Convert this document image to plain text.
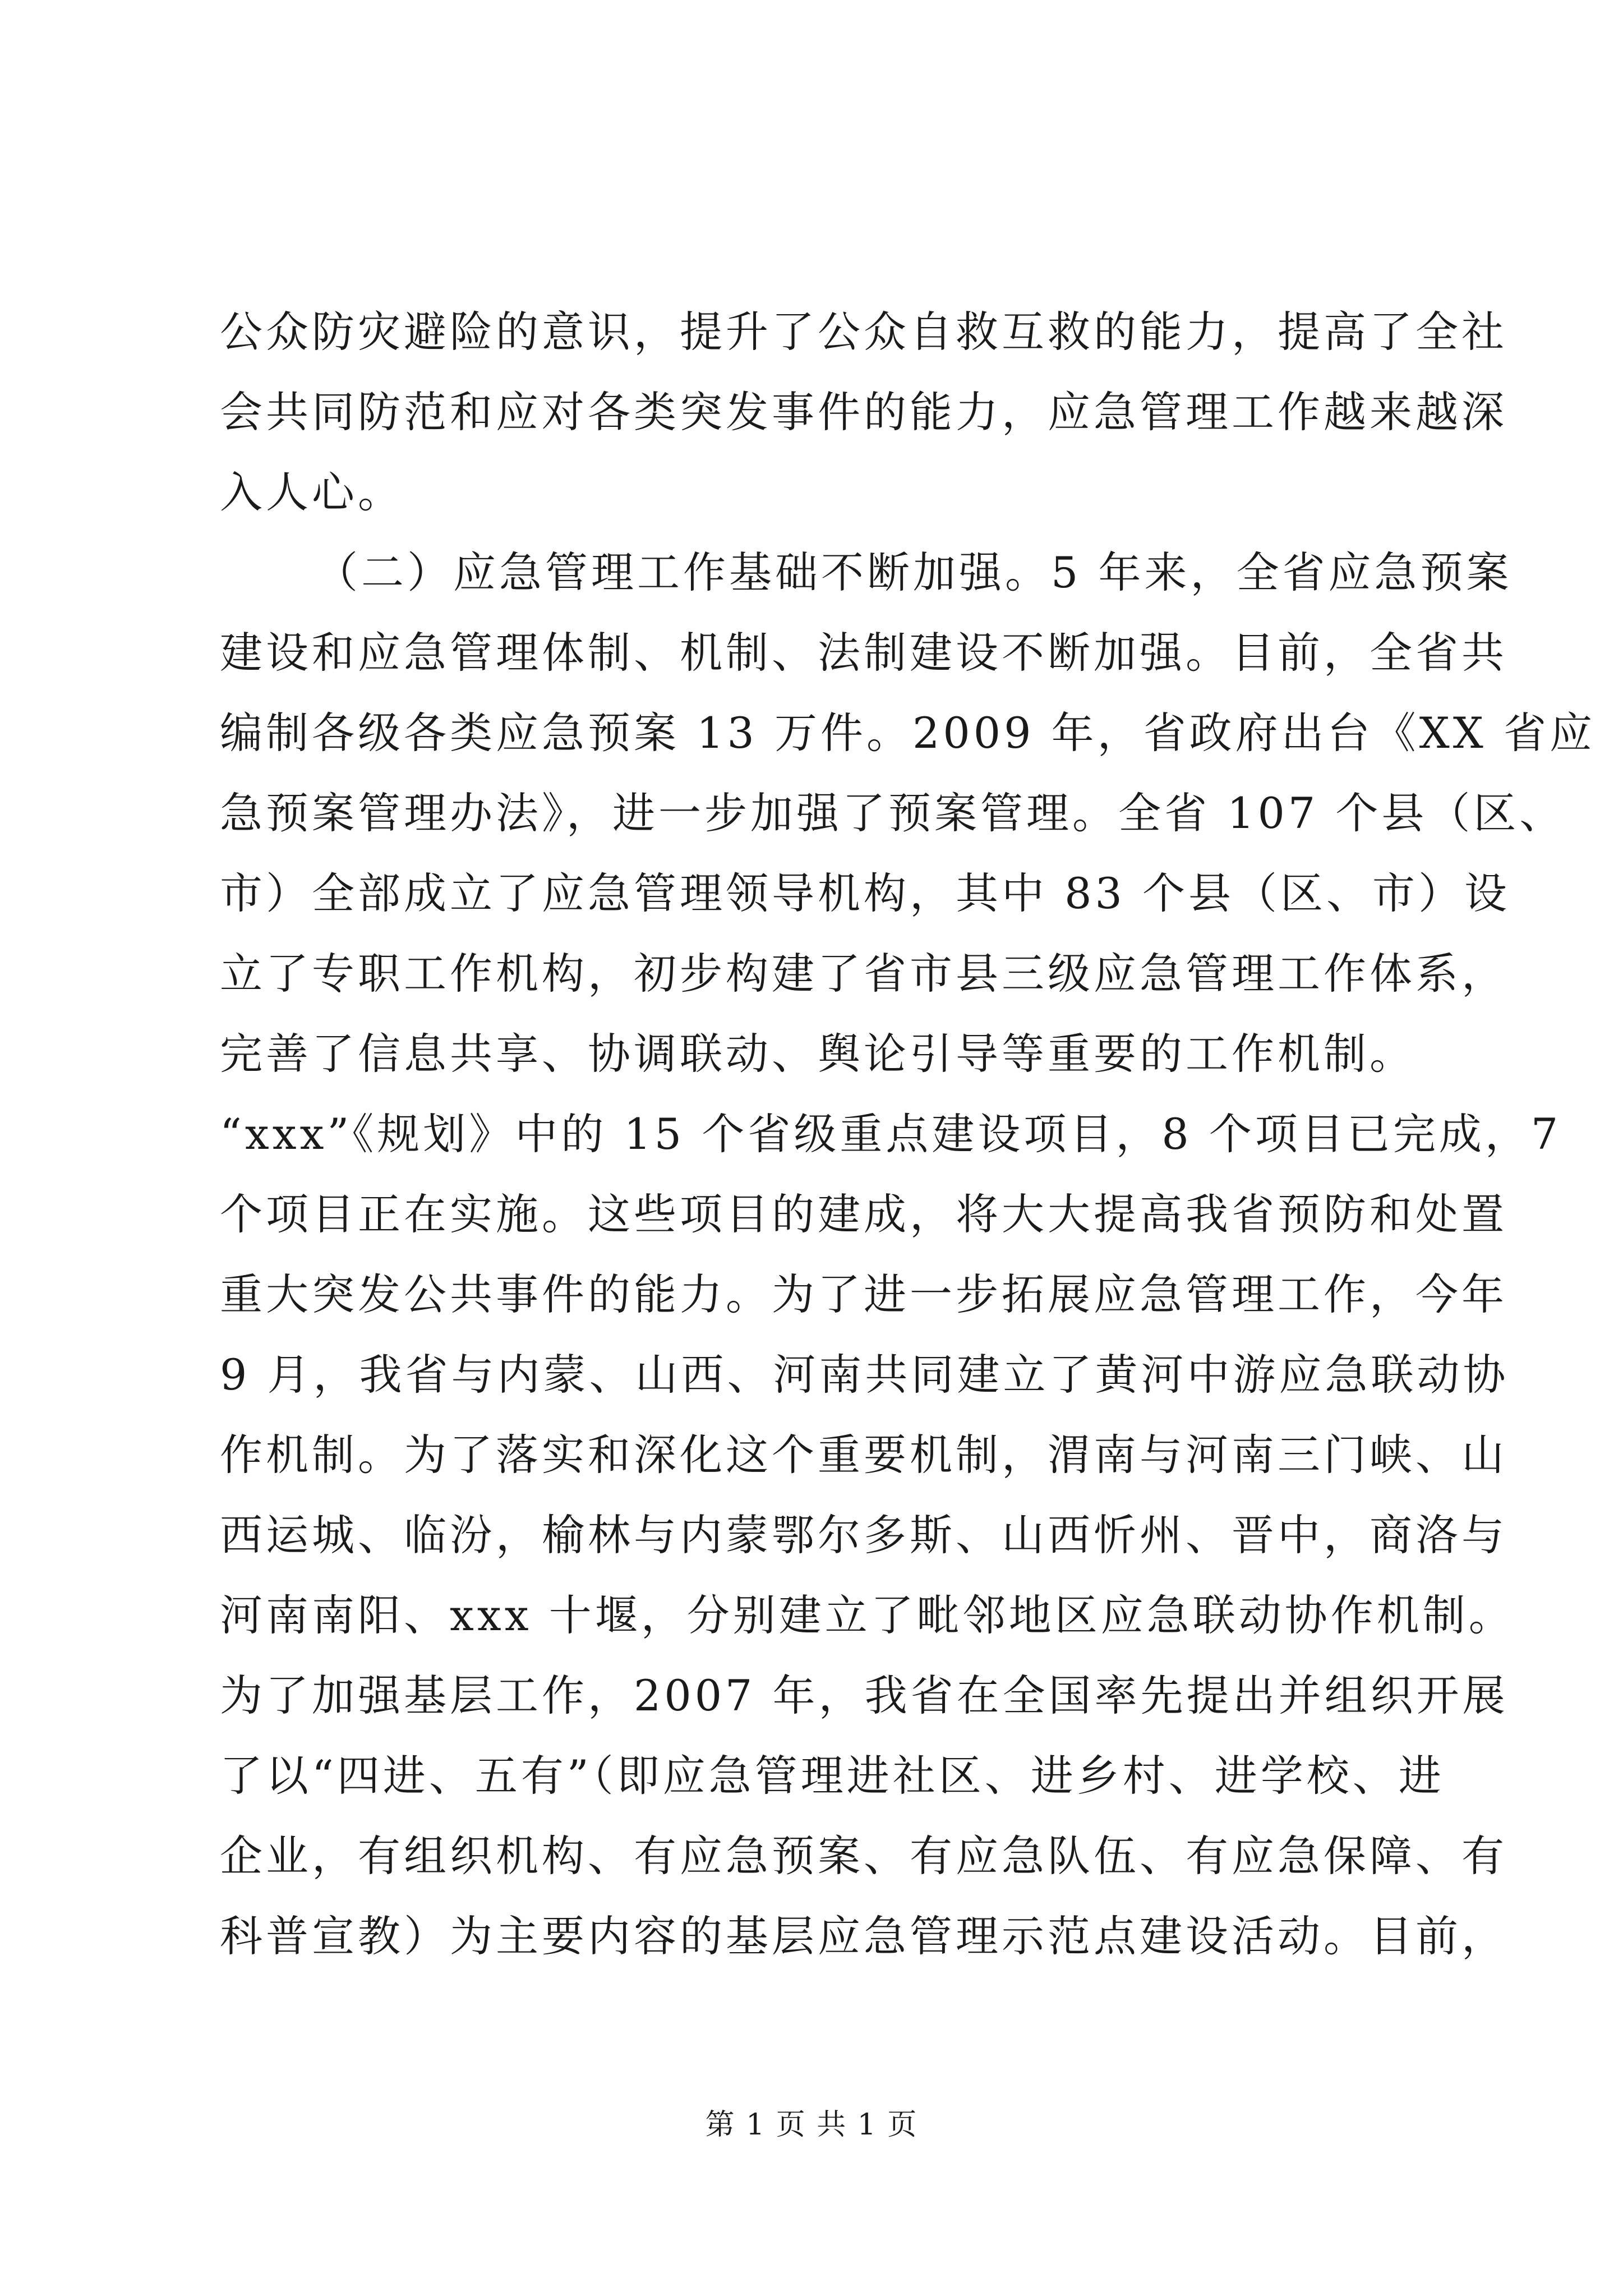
公众防灾避险的意识，提升了公众自救互救的能力，提高了全社
会共同防范和应对各类突发事件的能力，应急管理工作越来越深
入人心。
（二）应急管理工作基础不断加强。5 年来，全省应急预案
建设和应急管理体制、机制、法制建设不断加强。目前，全省共
编制各级各类应急预案 13 万件。2009 年，省政府出台《XX 省应
急预案管理办法》，进一步加强了预案管理。全省 107 个县（区、
市）全部成立了应急管理领导机构，其中 83 个县（区、市）设
立了专职工作机构，初步构建了省市县三级应急管理工作体系，
完善了信息共享、协调联动、舆论引导等重要的工作机制。
“xxx”《规划》中的 15 个省级重点建设项目，8 个项目已完成，7
个项目正在实施。这些项目的建成，将大大提高我省预防和处置
重大突发公共事件的能力。为了进一步拓展应急管理工作，今年
9 月，我省与内蒙、山西、河南共同建立了黄河中游应急联动协
作机制。为了落实和深化这个重要机制，渭南与河南三门峡、山
西运城、临汾，榆林与内蒙鄂尔多斯、山西忻州、晋中，商洛与
河南南阳、xxx 十堰，分别建立了毗邻地区应急联动协作机制。
为了加强基层工作，2007 年，我省在全国率先提出并组织开展
了以“四进、五有”（即应急管理进社区、进乡村、进学校、进
企业，有组织机构、有应急预案、有应急队伍、有应急保障、有
科普宣教）为主要内容的基层应急管理示范点建设活动。目前，
第 1 页 共 1 页
